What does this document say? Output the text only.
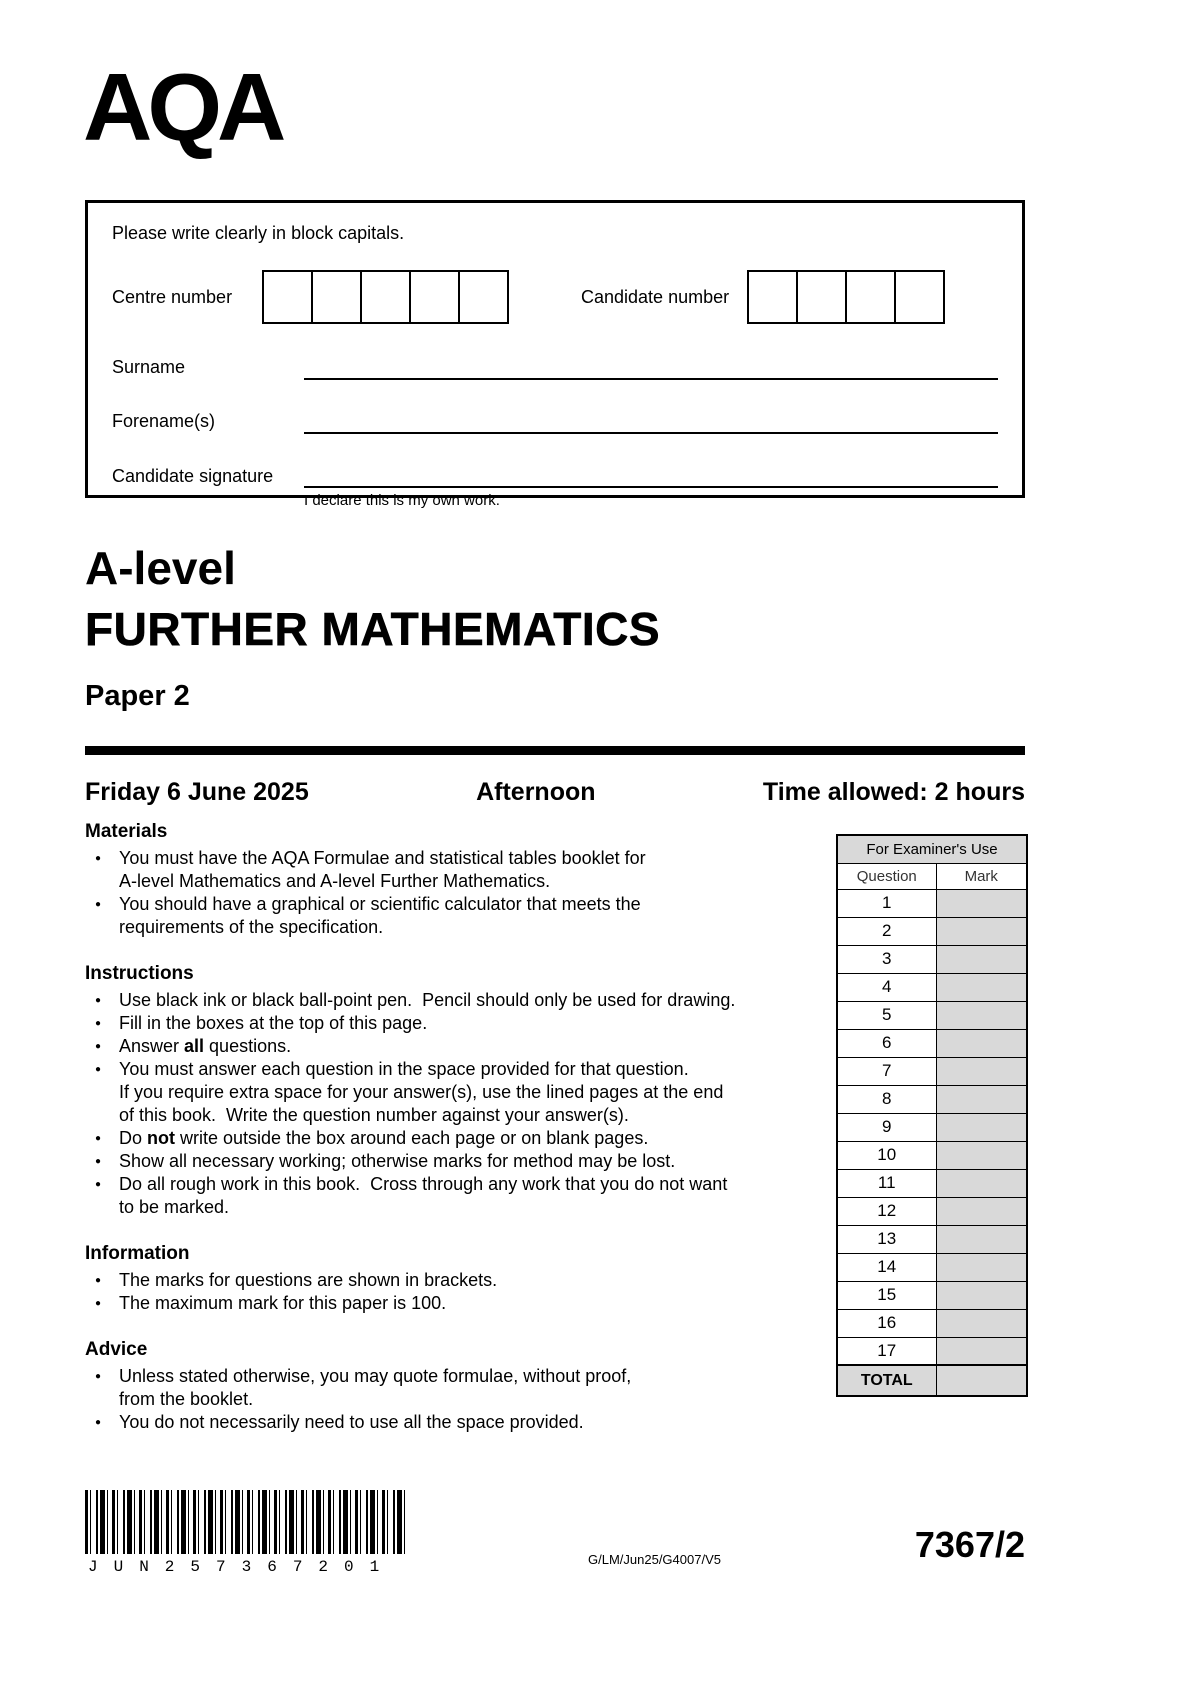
AQA
Please write clearly in block capitals.
Centre number	Candidate number
Surname
Forename(s)
Candidate signature
I declare this is my own work.
A-level
FURTHER MATHEMATICS
Paper 2
Friday 6 June 2025	Afternoon	Time allowed: 2 hours
Materials
● You must have the AQA Formulae and statistical tables booklet for
A-level Mathematics and A-level Further Mathematics.
● You should have a graphical or scientific calculator that meets the
requirements of the specification.
Instructions
● Use black ink or black ball-point pen.  Pencil should only be used for drawing.
● Fill in the boxes at the top of this page.
● Answer all questions.
● You must answer each question in the space provided for that question.
If you require extra space for your answer(s), use the lined pages at the end
of this book.  Write the question number against your answer(s).
● Do not write outside the box around each page or on blank pages.
● Show all necessary working; otherwise marks for method may be lost.
● Do all rough work in this book.  Cross through any work that you do not want
to be marked.
Information
● The marks for questions are shown in brackets.
● The maximum mark for this paper is 100.
Advice
● Unless stated otherwise, you may quote formulae, without proof,
from the booklet.
● You do not necessarily need to use all the space provided.
For Examiner's Use	
Question	Mark
1	
2	
3	
4	
5	
6	
7	
8	
9	
10	
11	
12	
13	
14	
15	
16	
17	
TOTAL	
JUN257367201	G/LM/Jun25/G4007/V5	7367/2
